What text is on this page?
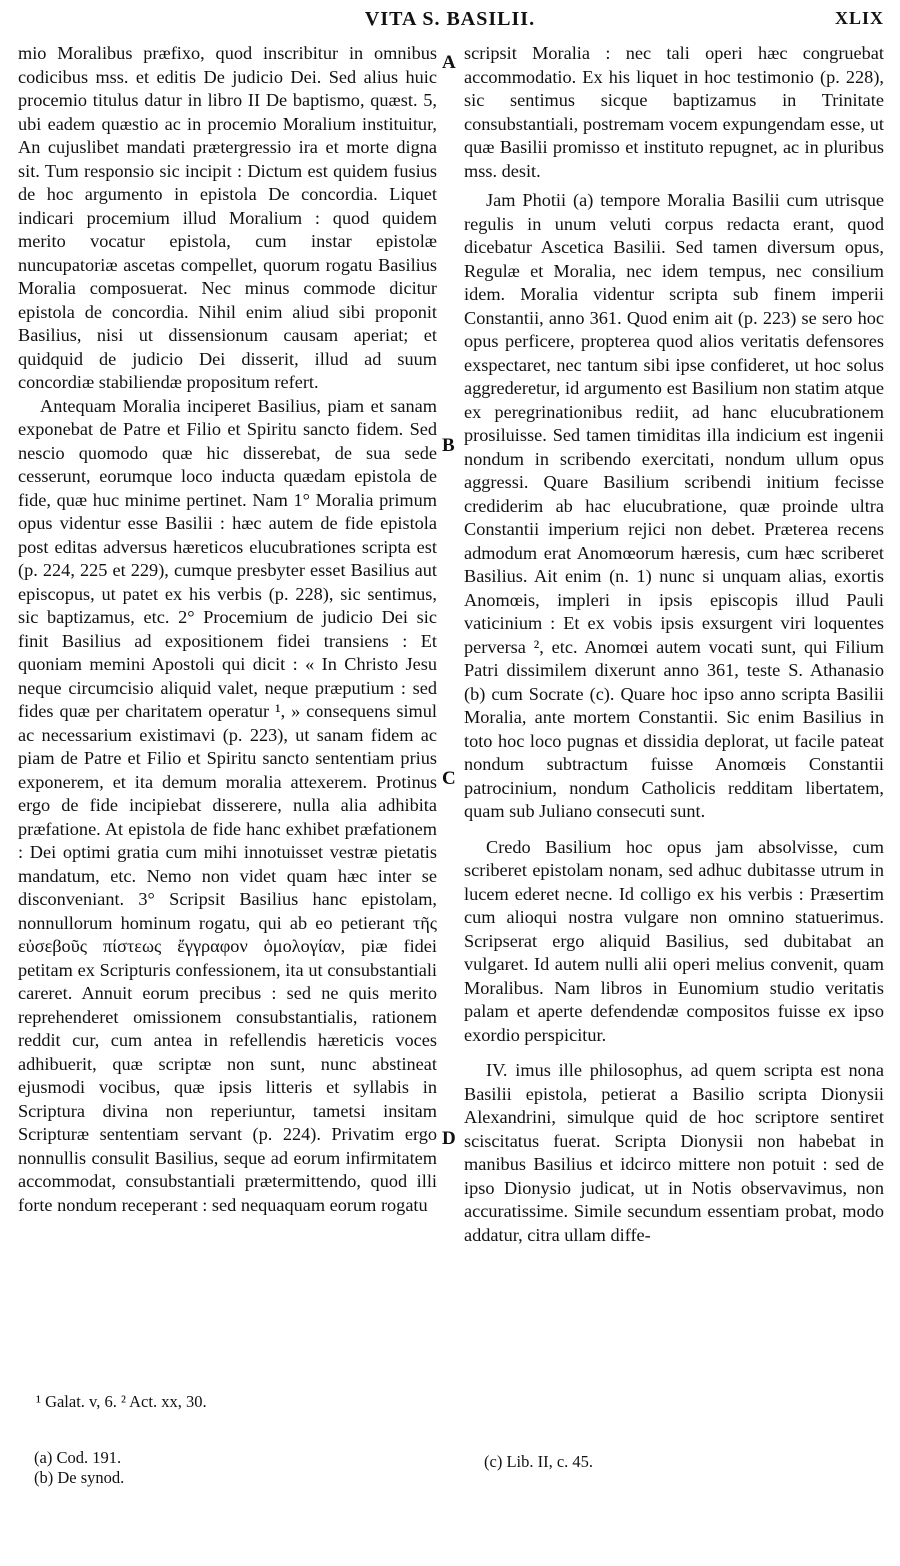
VITA S. BASILII.	XLIX

mio Moralibus præfixo, quod inscribitur in omnibus codicibus mss. et editis De judicio Dei. Sed alius huic procemio titulus datur in libro II De baptismo, quæst. 5, ubi eadem quæstio ac in procemio Moralium instituitur, An cujuslibet mandati prætergressio ira et morte digna sit. Tum responsio sic incipit : Dictum est quidem fusius de hoc argumento in epistola De concordia. Liquet indicari procemium illud Moralium : quod quidem merito vocatur epistola, cum instar epistolæ nuncupatoriæ ascetas compellet, quorum rogatu Basilius Moralia composuerat. Nec minus commode dicitur epistola de concordia. Nihil enim aliud sibi proponit Basilius, nisi ut dissensionum causam aperiat; et quidquid de judicio Dei disserit, illud ad suum concordiæ stabiliendæ propositum refert.

Antequam Moralia inciperet Basilius, piam et sanam exponebat de Patre et Filio et Spiritu sancto fidem. Sed nescio quomodo quæ hic disserebat, de sua sede cesserunt, eorumque loco inducta quædam epistola de fide, quæ huc minime pertinet. Nam 1° Moralia primum opus videntur esse Basilii : hæc autem de fide epistola post editas adversus hæreticos elucubrationes scripta est (p. 224, 225 et 229), cumque presbyter esset Basilius aut episcopus, ut patet ex his verbis (p. 228), sic sentimus, sic baptizamus, etc. 2° Procemium de judicio Dei sic finit Basilius ad expositionem fidei transiens : Et quoniam memini Apostoli qui dicit : « In Christo Jesu neque circumcisio aliquid valet, neque præputium : sed fides quæ per charitatem operatur ¹, » consequens simul ac necessarium existimavi (p. 223), ut sanam fidem ac piam de Patre et Filio et Spiritu sancto sententiam prius exponerem, et ita demum moralia attexerem. Protinus ergo de fide incipiebat disserere, nulla alia adhibita præfatione. At epistola de fide hanc exhibet præfationem : Dei optimi gratia cum mihi innotuisset vestræ pietatis mandatum, etc. Nemo non videt quam hæc inter se disconveniant. 3° Scripsit Basilius hanc epistolam, nonnullorum hominum rogatu, qui ab eo petierant τῆς εὐσεβοῦς πίστεως ἔγγραφον ὁμολογίαν, piæ fidei petitam ex Scripturis confessionem, ita ut consubstantiali careret. Annuit eorum precibus : sed ne quis merito reprehenderet omissionem consubstantialis, rationem reddit cur, cum antea in refellendis hæreticis voces adhibuerit, quæ scriptæ non sunt, nunc abstineat ejusmodi vocibus, quæ ipsis litteris et syllabis in Scriptura divina non reperiuntur, tametsi insitam Scripturæ sententiam servant (p. 224). Privatim ergo nonnullis consulit Basilius, seque ad eorum infirmitatem accommodat, consubstantiali prætermittendo, quod illi forte nondum receperant : sed nequaquam eorum rogatu

scripsit Moralia : nec tali operi hæc congruebat accommodatio. Ex his liquet in hoc testimonio (p. 228), sic sentimus sicque baptizamus in Trinitate consubstantiali, postremam vocem expungendam esse, ut quæ Basilii promisso et instituto repugnet, ac in pluribus mss. desit.

Jam Photii (a) tempore Moralia Basilii cum utrisque regulis in unum veluti corpus redacta erant, quod dicebatur Ascetica Basilii. Sed tamen diversum opus, Regulæ et Moralia, nec idem tempus, nec consilium idem. Moralia videntur scripta sub finem imperii Constantii, anno 361. Quod enim ait (p. 223) se sero hoc opus perficere, propterea quod alios veritatis defensores exspectaret, nec tantum sibi ipse confideret, ut hoc solus aggrederetur, id argumento est Basilium non statim atque ex peregrinationibus rediit, ad hanc elucubrationem prosiluisse. Sed tamen timiditas illa indicium est ingenii nondum in scribendo exercitati, nondum ullum opus aggressi. Quare Basilium scribendi initium fecisse crediderim ab hac elucubratione, quæ proinde ultra Constantii imperium rejici non debet. Præterea recens admodum erat Anomœorum hæresis, cum hæc scriberet Basilius. Ait enim (n. 1) nunc si unquam alias, exortis Anomœis, impleri in ipsis episcopis illud Pauli vaticinium : Et ex vobis ipsis exsurgent viri loquentes perversa ², etc. Anomœi autem vocati sunt, qui Filium Patri dissimilem dixerunt anno 361, teste S. Athanasio (b) cum Socrate (c). Quare hoc ipso anno scripta Basilii Moralia, ante mortem Constantii. Sic enim Basilius in toto hoc loco pugnas et dissidia deplorat, ut facile pateat nondum subtractum fuisse Anomœis Constantii patrocinium, nondum Catholicis redditam libertatem, quam sub Juliano consecuti sunt.

Credo Basilium hoc opus jam absolvisse, cum scriberet epistolam nonam, sed adhuc dubitasse utrum in lucem ederet necne. Id colligo ex his verbis : Præsertim cum alioqui nostra vulgare non omnino statuerimus. Scripserat ergo aliquid Basilius, sed dubitabat an vulgaret. Id autem nulli alii operi melius convenit, quam Moralibus. Nam libros in Eunomium studio veritatis palam et aperte defendendæ compositos fuisse ex ipso exordio perspicitur.

IV. imus ille philosophus, ad quem scripta est nona Basilii epistola, petierat a Basilio scripta Dionysii Alexandrini, simulque quid de hoc scriptore sentiret sciscitatus fuerat. Scripta Dionysii non habebat in manibus Basilius et idcirco mittere non potuit : sed de ipso Dionysio judicat, ut in Notis observavimus, non accuratissime. Simile secundum essentiam probat, modo addatur, citra ullam diffe-

A
B
C
D
¹ Galat. v, 6. ² Act. xx, 30.
(a) Cod. 191.
(b) De synod.
(c) Lib. II, c. 45.
